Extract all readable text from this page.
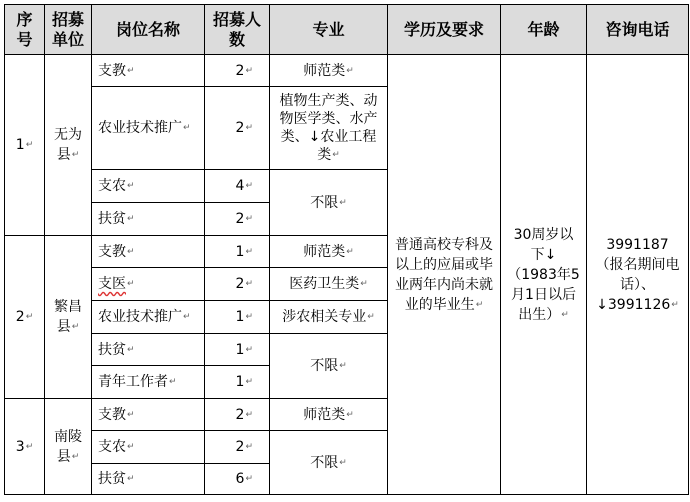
序号	招募单位	岗位名称	招募人数	专业	学历及要求	年龄	咨询电话
1 ↵	无为县 ↵	支教 ↵	2 ↵	师范类 ↵	普通高校专科及以上的应届或毕业两年内尚未就业的毕业生 ↵	30周岁以下↓（1983年5月1日以后出生） ↵	3991187（报名期间电话）、↓3991126 ↵
		农业技术推广 ↵	2 ↵	植物生产类、动物医学类、水产类、↓农业工程类 ↵
		支农 ↵	4 ↵	不限 ↵
		扶贫 ↵	2 ↵
2 ↵	繁昌县 ↵	支教 ↵	1 ↵	师范类 ↵
		支医 ↵	2 ↵	医药卫生类 ↵
		农业技术推广 ↵	1 ↵	涉农相关专业 ↵
		扶贫 ↵	1 ↵	不限 ↵
		青年工作者 ↵	1 ↵
3 ↵	南陵县 ↵	支教 ↵	2 ↵	师范类 ↵
		支农 ↵	2 ↵	不限 ↵
		扶贫 ↵	6 ↵
